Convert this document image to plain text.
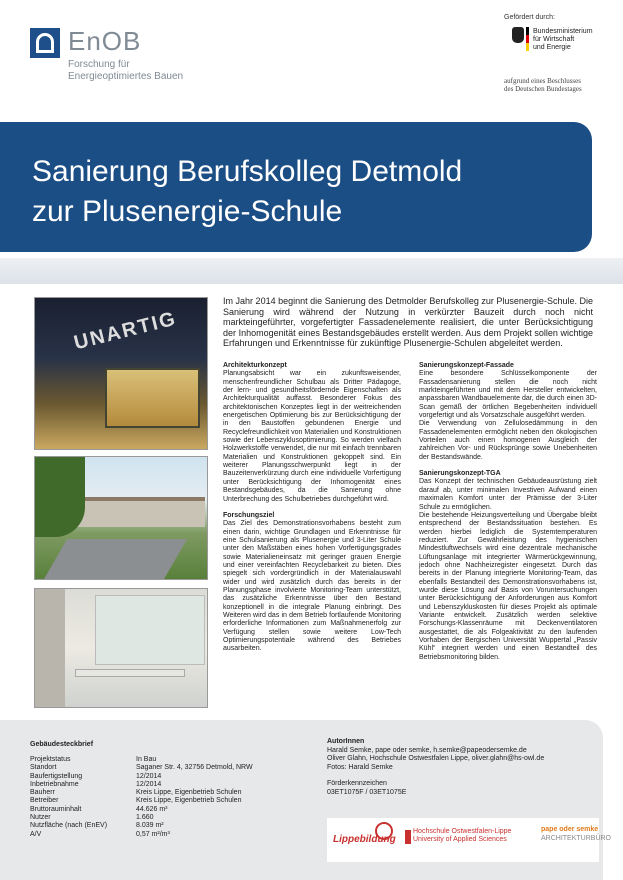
EnOB
Forschung für
Energieoptimiertes Bauen
Gefördert durch:
Bundesministerium
für Wirtschaft
und Energie
aufgrund eines Beschlusses
des Deutschen Bundestages
Sanierung Berufskolleg Detmold
zur Plusenergie-Schule
UNARTIG
Im Jahr 2014 beginnt die Sanierung des Detmolder Berufskolleg zur Plusenergie-Schule. Die Sanierung wird während der Nutzung in verkürzter Bauzeit durch noch nicht markteingeführter, vorgefertigter Fassadenelemente realisiert, die unter Berücksichtigung der Inhomogenität eines Bestandsgebäudes erstellt werden. Aus dem Projekt sollen wichtige Erfahrungen und Erkenntnisse für zukünftige Plusenergie-Schulen abgeleitet werden.
Architekturkonzept

Planungsabsicht war ein zukunftsweisender, menschenfreundlicher Schulbau als Dritter Pädagoge, der lern- und gesundheitsfördernde Eigenschaften als Architekturqualität auffasst. Besonderer Fokus des architektonischen Konzeptes liegt in der weitreichenden energetischen Optimierung bis zur Berücksichtigung der in den Baustoffen gebundenen Energie und Recyclefreundlichkeit von Materialien und Konstruktionen sowie der Lebenszyklusoptimierung. So werden vielfach Holzwerkstoffe verwendet, die nur mit einfach trennbaren Materialien und Konstruktionen gekoppelt sind. Ein weiterer Planungsschwerpunkt liegt in der Bauzeitenverkürzung durch eine individuelle Vorfertigung unter Berücksichtigung der Inhomogenität eines Bestandsgebäudes, da die Sanierung ohne Unterbrechung des Schulbetriebes durchgeführt wird.

Forschungsziel

Das Ziel des Demonstrationsvorhabens besteht zum einen darin, wichtige Grundlagen und Erkenntnisse für eine Schulsanierung als Plusenergie und 3-Liter Schule unter den Maßstäben eines hohen Vorfertigungsgrades sowie Materialieneinsatz mit geringer grauen Energie und einer vereinfachten Recyclebarkeit zu bieten. Dies spiegelt sich vordergründlich in der Materialauswahl wider und wird zusätzlich durch das bereits in der Planungsphase involvierte Monitoring-Team unterstützt, das zusätzliche Erkenntnisse über den Bestand konzeptionell in die integrale Planung einbringt. Des Weiteren wird das in dem Betrieb fortlaufende Monitoring erforderliche Informationen zum Maßnahmenerfolg zur Verfügung stellen sowie weitere Low-Tech Optimierungspotentiale während des Betriebes ausarbeiten.

Sanierungskonzept-Fassade

Eine besondere Schlüsselkomponente der Fassadensanierung stellen die noch nicht markteingeführten und mit dem Hersteller entwickelten, anpassbaren Wandbauelemente dar, die durch einen 3D-Scan gemäß der örtlichen Begebenheiten individuell vorgefertigt und als Vorsatzschale ausgeführt werden.

Die Verwendung von Zellulosedämmung in den Fassadenelementen ermöglicht neben den ökologischen Vorteilen auch einen homogenen Ausgleich der zahlreichen Vor- und Rücksprünge sowie Unebenheiten der Bestandswände.

Sanierungskonzept-TGA

Das Konzept der technischen Gebäudeausrüstung zielt darauf ab, unter minimalen Investiven Aufwand einen maximalen Komfort unter der Prämisse der 3-Liter Schule zu ermöglichen.

Die bestehende Heizungsverteilung und Übergabe bleibt entsprechend der Bestandssituation bestehen. Es werden hierbei lediglich die Systemtemperaturen reduziert. Zur Gewährleistung des hygienischen Mindestluftwechsels wird eine dezentrale mechanische Lüftungsanlage mit integrierter Wärmerückgewinnung, jedoch ohne Nachheizregister eingesetzt. Durch das bereits in der Planung integrierte Monitoring-Team, das ebenfalls Bestandteil des Demonstrationsvorhabens ist, wurde diese Lösung auf Basis von Voruntersuchungen unter Berücksichtigung der Anforderungen aus Komfort und Lebenszykluskosten für dieses Projekt als optimale Variante entwickelt. Zusätzlich werden selektive Forschungs-Klassenräume mit Deckenventilatoren ausgestattet, die als Folgeaktivität zu den laufenden Vorhaben der Bergischen Universität Wuppertal „Passiv Kühl“ integriert werden und einen Bestandteil des Betriebsmonitoring bilden.

Gebäudesteckbrief
Projektstatus	In Bau
Standort	Saganer Str. 4, 32756 Detmold, NRW
Baufertigstellung	12/2014
Inbetriebnahme	12/2014
Bauherr	Kreis Lippe, Eigenbetrieb Schulen
Betreiber	Kreis Lippe, Eigenbetrieb Schulen
Bruttorauminhalt	44.626 m³
Nutzer	1.660
Nutzfläche (nach (EnEV)	8.039 m²
A/V	0,57 m²/m³
AutorInnen
Harald Semke, pape oder semke, h.semke@papeodersemke.de
Oliver Glahn, Hochschule Ostwestfalen Lippe, oliver.glahn@hs-owl.de
Fotos: Harald Semke
Förderkennzeichen
03ET1075F / 03ET1075E
Lippebildung
Hochschule Ostwestfalen-Lippe
University of Applied Sciences
pape oder semke
ARCHITEKTURBÜRO
